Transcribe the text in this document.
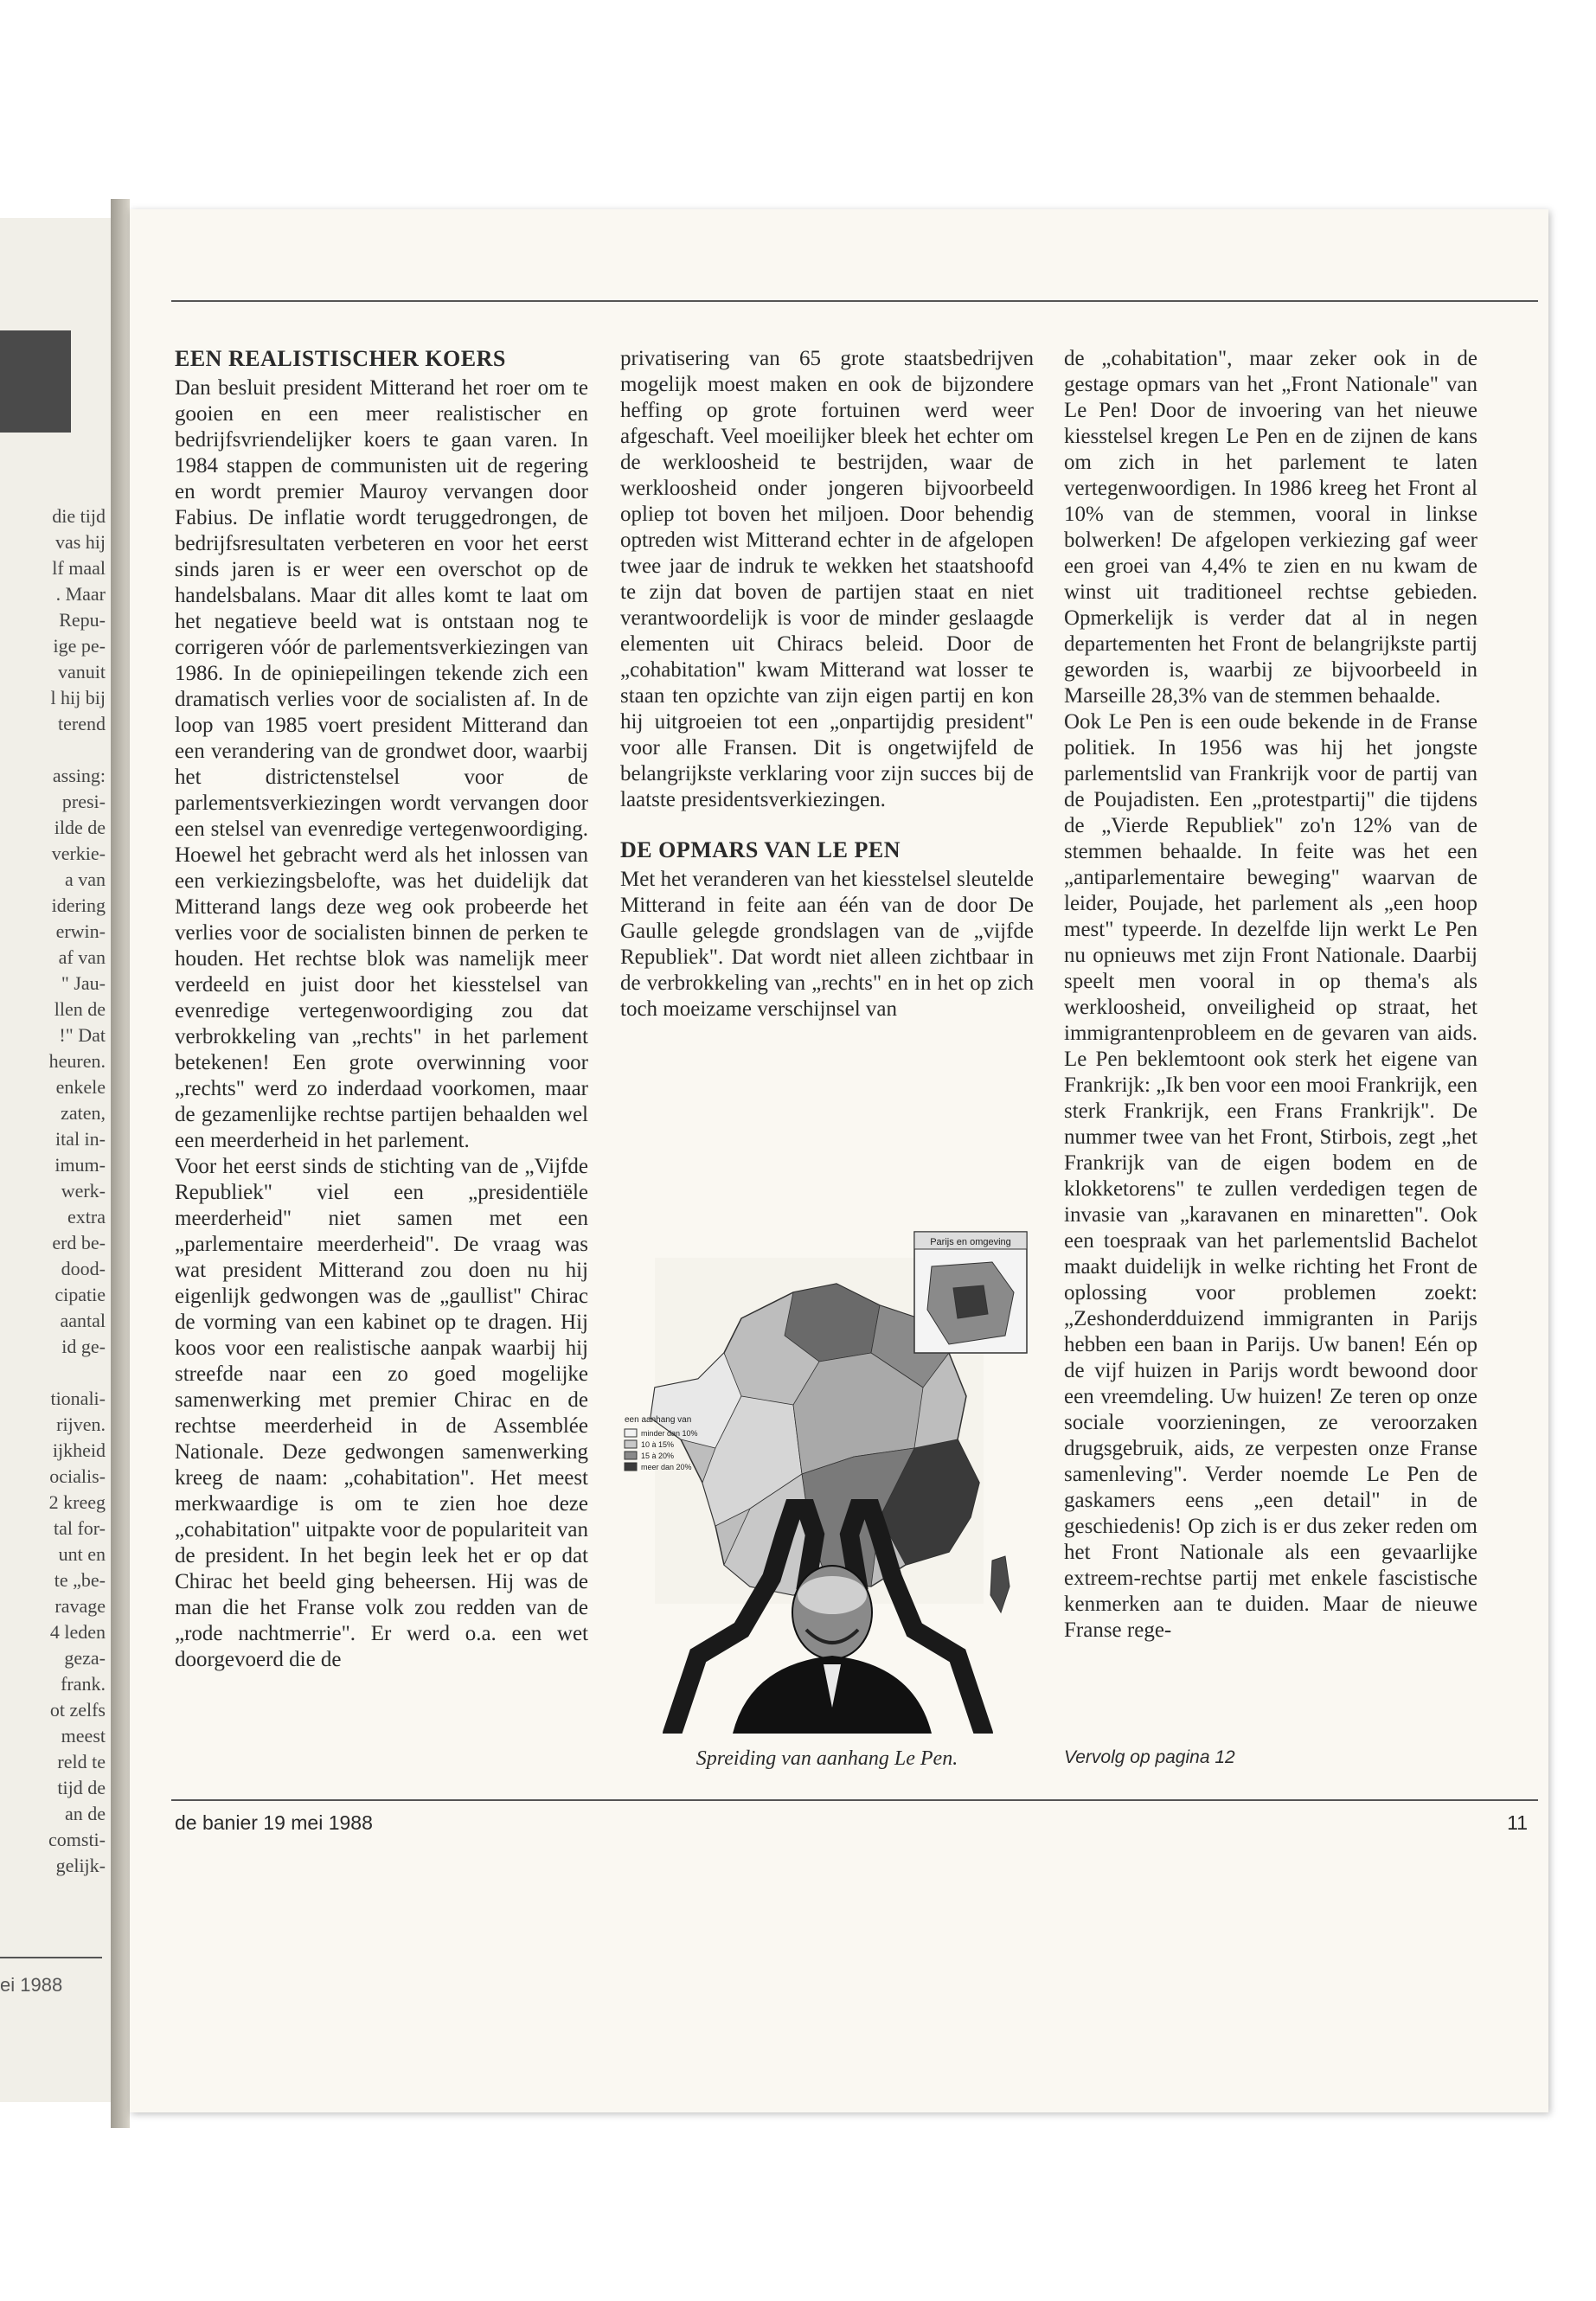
die tijd
vas hij
lf maal
. Maar
Repu-
ige pe-
vanuit
l hij bij
terend
assing:
presi-
ilde de
verkie-
a van
idering
erwin-
af van
" Jau-
llen de
!" Dat
heuren.
enkele
zaten,
ital in-
imum-
werk-
extra
erd be-
dood-
cipatie
aantal
id ge-
tionali-
rijven.
ijkheid
ocialis-
2 kreeg
tal for-
unt en
te „be-
ravage
4 leden
geza-
frank.
ot zelfs
meest
reld te
tijd de
an de
comsti-
gelijk-
ei 1988
EEN REALISTISCHER KOERS

Dan besluit president Mitterand het roer om te gooien en een meer realistischer en bedrijfsvriendelijker koers te gaan varen. In 1984 stappen de communisten uit de regering en wordt premier Mauroy vervangen door Fabius. De inflatie wordt teruggedrongen, de bedrijfsresultaten verbeteren en voor het eerst sinds jaren is er weer een overschot op de handelsbalans. Maar dit alles komt te laat om het negatieve beeld wat is ontstaan nog te corrigeren vóór de parlementsverkiezingen van 1986. In de opiniepeilingen tekende zich een dramatisch verlies voor de socialisten af. In de loop van 1985 voert president Mitterand dan een verandering van de grondwet door, waarbij het districtenstelsel voor de parlementsverkiezingen wordt vervangen door een stelsel van evenredige vertegenwoordiging. Hoewel het gebracht werd als het inlossen van een verkiezingsbelofte, was het duidelijk dat Mitterand langs deze weg ook probeerde het verlies voor de socialisten binnen de perken te houden. Het rechtse blok was namelijk meer verdeeld en juist door het kiesstelsel van evenredige vertegenwoordiging zou dat verbrokkeling van „rechts" in het parlement betekenen! Een grote overwinning voor „rechts" werd zo inderdaad voorkomen, maar de gezamenlijke rechtse partijen behaalden wel een meerderheid in het parlement.

Voor het eerst sinds de stichting van de „Vijfde Republiek" viel een „presidentiële meerderheid" niet samen met een „parlementaire meerderheid". De vraag was wat president Mitterand zou doen nu hij eigenlijk gedwongen was de „gaullist" Chirac de vorming van een kabinet op te dragen. Hij koos voor een realistische aanpak waarbij hij streefde naar een zo goed mogelijke samenwerking met premier Chirac en de rechtse meerderheid in de Assemblée Nationale. Deze gedwongen samenwerking kreeg de naam: „cohabitation". Het meest merkwaardige is om te zien hoe deze „cohabitation" uitpakte voor de populariteit van de president. In het begin leek het er op dat Chirac het beeld ging beheersen. Hij was de man die het Franse volk zou redden van de „rode nachtmerrie". Er werd o.a. een wet doorgevoerd die de

privatisering van 65 grote staatsbedrijven mogelijk moest maken en ook de bijzondere heffing op grote fortuinen werd weer afgeschaft. Veel moeilijker bleek het echter om de werkloosheid te bestrijden, waar de werkloosheid onder jongeren bijvoorbeeld opliep tot boven het miljoen. Door behendig optreden wist Mitterand echter in de afgelopen twee jaar de indruk te wekken het staatshoofd te zijn dat boven de partijen staat en niet verantwoordelijk is voor de minder geslaagde elementen uit Chiracs beleid. Door de „cohabitation" kwam Mitterand wat losser te staan ten opzichte van zijn eigen partij en kon hij uitgroeien tot een „onpartijdig president" voor alle Fransen. Dit is ongetwijfeld de belangrijkste verklaring voor zijn succes bij de laatste presidentsverkiezingen.

DE OPMARS VAN LE PEN

Met het veranderen van het kiesstelsel sleutelde Mitterand in feite aan één van de door De Gaulle gelegde grondslagen van de „vijfde Republiek". Dat wordt niet alleen zichtbaar in de verbrokkeling van „rechts" en in het op zich toch moeizame verschijnsel van

de „cohabitation", maar zeker ook in de gestage opmars van het „Front Nationale" van Le Pen! Door de invoering van het nieuwe kiesstelsel kregen Le Pen en de zijnen de kans om zich in het parlement te laten vertegenwoordigen. In 1986 kreeg het Front al 10% van de stemmen, vooral in linkse bolwerken! De afgelopen verkiezing gaf weer een groei van 4,4% te zien en nu kwam de winst uit traditioneel rechtse gebieden. Opmerkelijk is verder dat al in negen departementen het Front de belangrijkste partij geworden is, waarbij ze bijvoorbeeld in Marseille 28,3% van de stemmen behaalde.

Ook Le Pen is een oude bekende in de Franse politiek. In 1956 was hij het jongste parlementslid van Frankrijk voor de partij van de Poujadisten. Een „protestpartij" die tijdens de „Vierde Republiek" zo'n 12% van de stemmen behaalde. In feite was het een „antiparlementaire beweging" waarvan de leider, Poujade, het parlement als „een hoop mest" typeerde. In dezelfde lijn werkt Le Pen nu opnieuws met zijn Front Nationale. Daarbij speelt men vooral in op thema's als werkloosheid, onveiligheid op straat, het immigrantenprobleem en de gevaren van aids. Le Pen beklemtoont ook sterk het eigene van Frankrijk: „Ik ben voor een mooi Frankrijk, een sterk Frankrijk, een Frans Frankrijk". De nummer twee van het Front, Stirbois, zegt „het Frankrijk van de eigen bodem en de klokketorens" te zullen verdedigen tegen de invasie van „karavanen en minaretten". Ook een toespraak van het parlementslid Bachelot maakt duidelijk in welke richting het Front de oplossing voor problemen zoekt: „Zeshonderdduizend immigranten in Parijs hebben een baan in Parijs. Uw banen! Eén op de vijf huizen in Parijs wordt bewoond door een vreemdeling. Uw huizen! Ze teren op onze sociale voorzieningen, ze veroorzaken drugsgebruik, aids, ze verpesten onze Franse samenleving". Verder noemde Le Pen de gaskamers eens „een detail" in de geschiedenis! Op zich is er dus zeker reden om het Front Nationale als een gevaarlijke extreem-rechtse partij met enkele fascistische kenmerken aan te duiden. Maar de nieuwe Franse rege-

Parijs en omgeving
een aanhang van
minder dan 10%
10 à 15%
15 à 20%
meer dan 20%
Spreiding van aanhang Le Pen.	Vervolg op pagina 12
de banier 19 mei 1988	11
